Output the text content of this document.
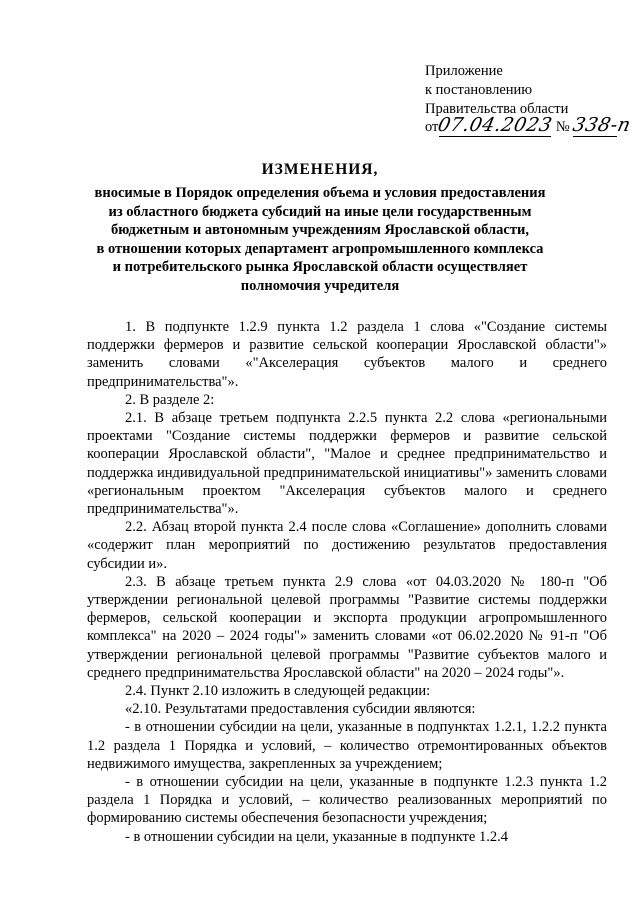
Приложение
к постановлению
Правительства области
от07.04.2023 № 338-п
ИЗМЕНЕНИЯ,
вносимые в Порядок определения объема и условия предоставления
из областного бюджета субсидий на иные цели государственным
бюджетным и автономным учреждениям Ярославской области,
в отношении которых департамент агропромышленного комплекса
и потребительского рынка Ярославской области осуществляет
полномочия учредителя

1. В подпункте 1.2.9 пункта 1.2 раздела 1 слова «"Создание системы поддержки фермеров и развитие сельской кооперации Ярославской области"» заменить словами «"Акселерация субъектов малого и среднего предпринимательства"».

2. В разделе 2:

2.1. В абзаце третьем подпункта 2.2.5 пункта 2.2 слова «региональными проектами "Создание системы поддержки фермеров и развитие сельской кооперации Ярославской области", "Малое и среднее предпринимательство и поддержка индивидуальной предпринимательской инициативы"» заменить словами «региональным проектом "Акселерация субъектов малого и среднего предпринимательства"».

2.2. Абзац второй пункта 2.4 после слова «Соглашение» дополнить словами «содержит план мероприятий по достижению результатов предоставления субсидии и».

2.3. В абзаце третьем пункта 2.9 слова «от 04.03.2020 № 180-п "Об утверждении региональной целевой программы "Развитие системы поддержки фермеров, сельской кооперации и экспорта продукции агропромышленного комплекса" на 2020 – 2024 годы"» заменить словами «от 06.02.2020 № 91-п "Об утверждении региональной целевой программы "Развитие субъектов малого и среднего предпринимательства Ярославской области" на 2020 – 2024 годы"».

2.4. Пункт 2.10 изложить в следующей редакции:

«2.10. Результатами предоставления субсидии являются:

- в отношении субсидии на цели, указанные в подпунктах 1.2.1, 1.2.2 пункта 1.2 раздела 1 Порядка и условий, – количество отремонтированных объектов недвижимого имущества, закрепленных за учреждением;

- в отношении субсидии на цели, указанные в подпункте 1.2.3 пункта 1.2 раздела 1 Порядка и условий, – количество реализованных мероприятий по формированию системы обеспечения безопасности учреждения;

- в отношении субсидии на цели, указанные в подпункте 1.2.4
